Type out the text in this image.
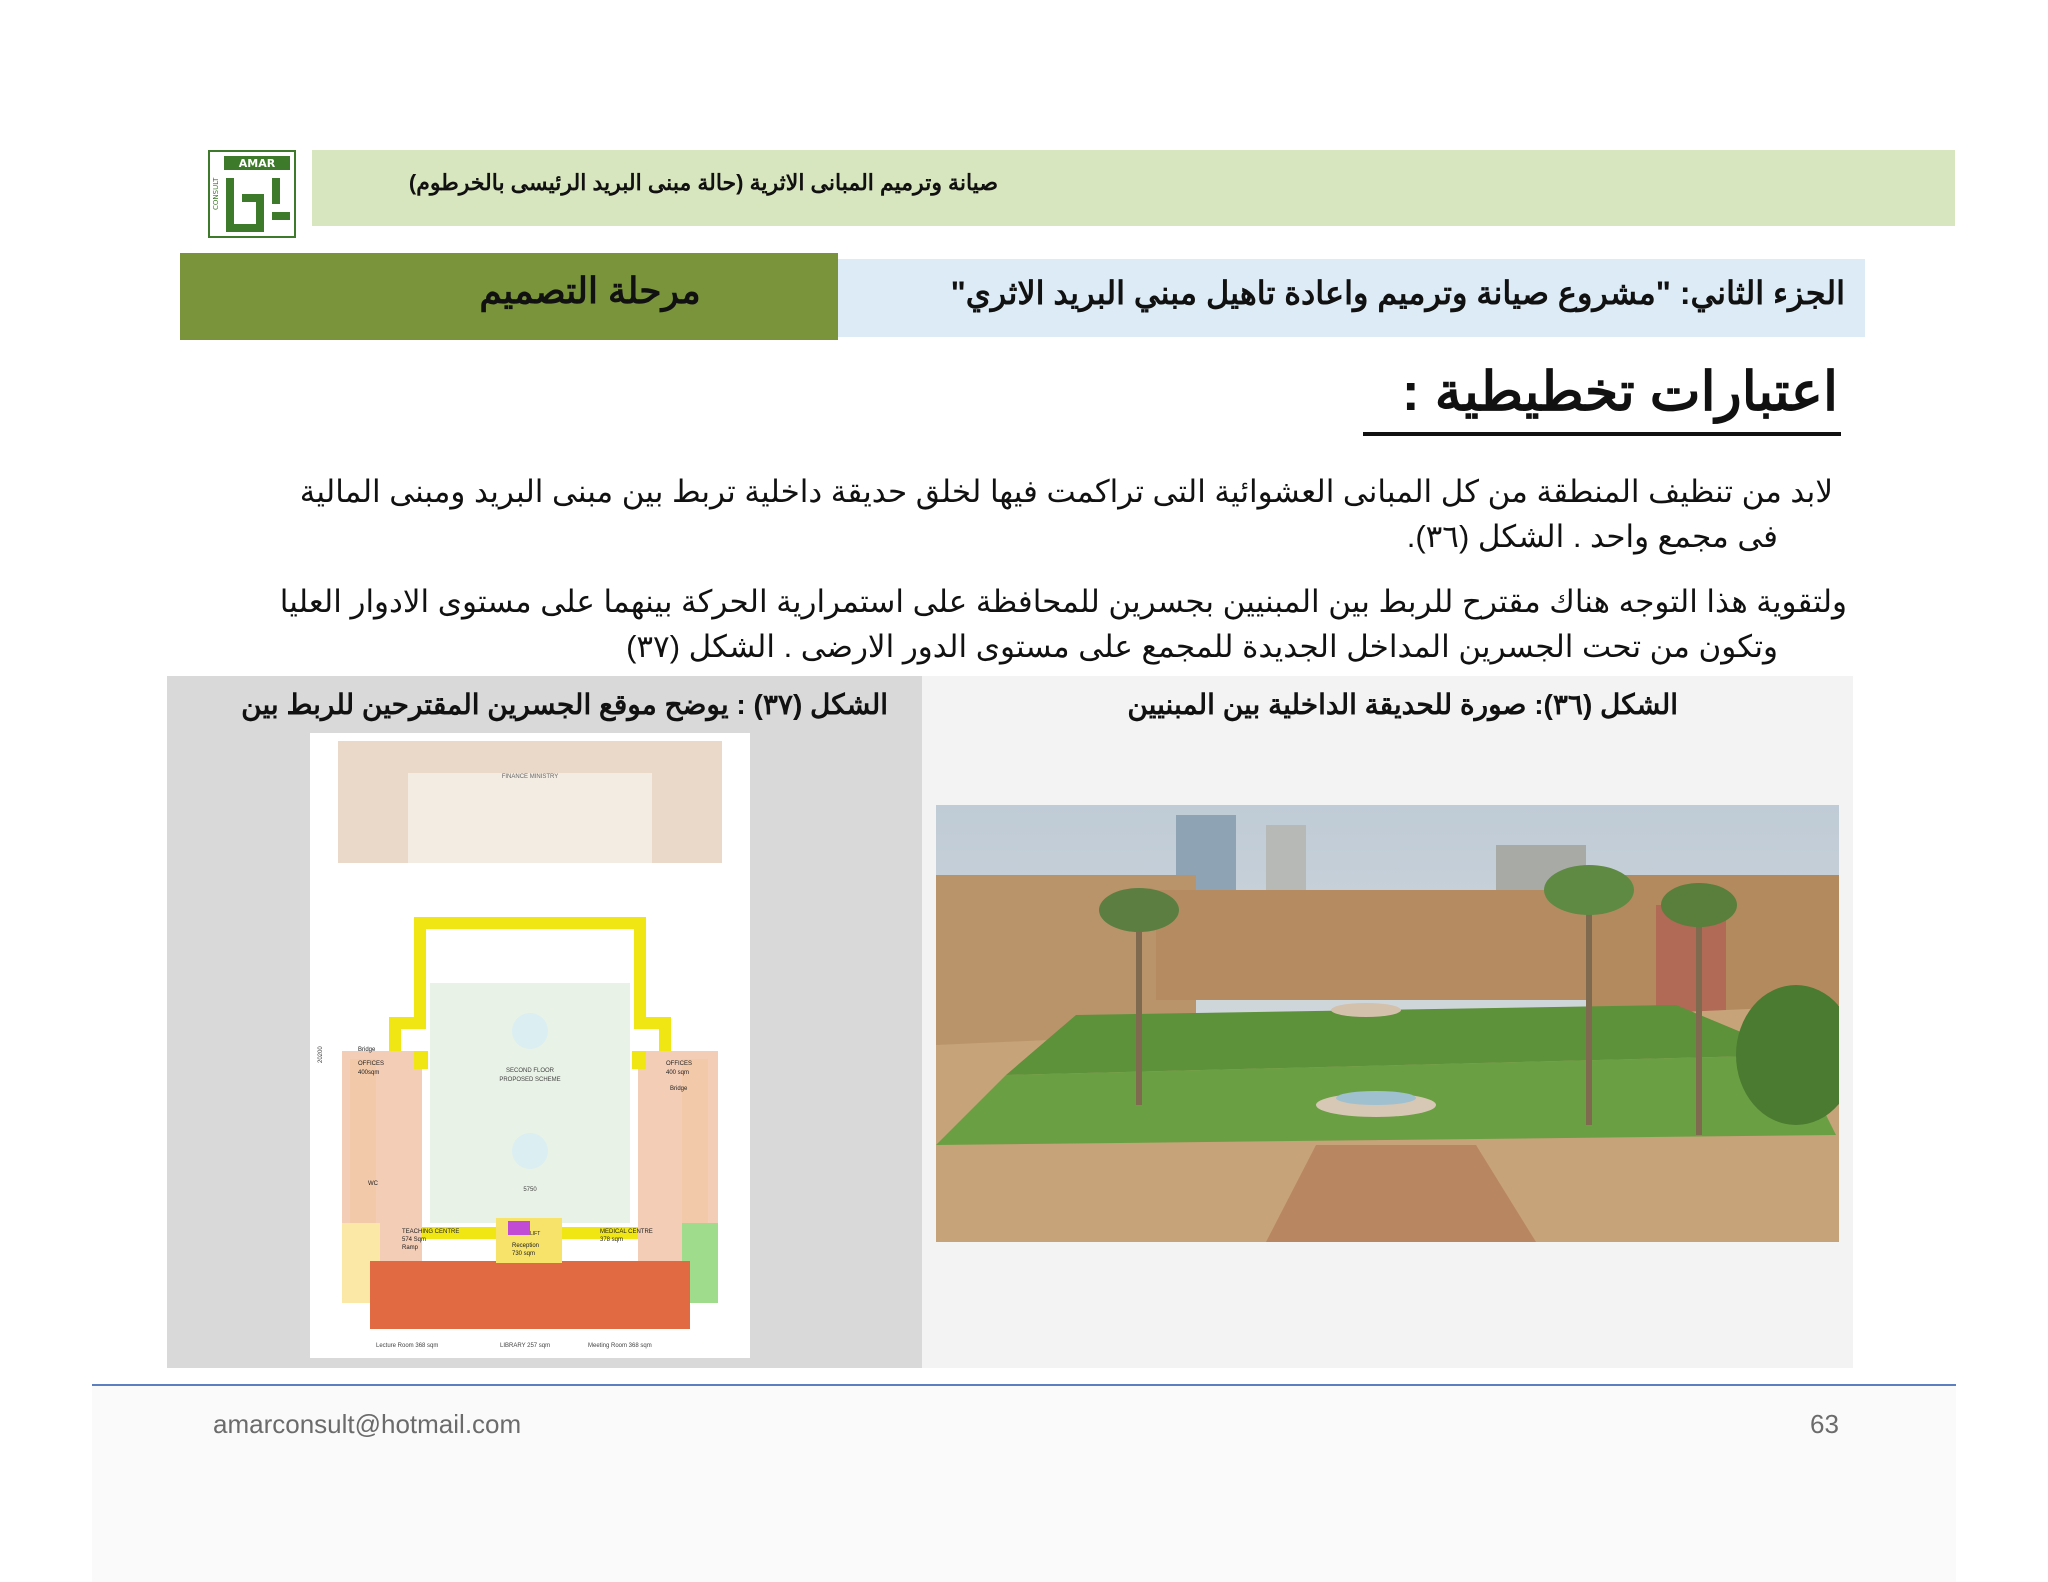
AMAR
CONSULT	صيانة وترميم المبانى الاثرية (حالة مبنى البريد الرئيسى بالخرطوم)
مرحلة التصميم	الجزء الثاني: "مشروع صيانة وترميم واعادة تاهيل مبني البريد الاثري"
اعتبارات تخطيطية :
لابد من تنظيف المنطقة من كل المبانى العشوائية التى تراكمت فيها لخلق حديقة داخلية تربط بين مبنى البريد ومبنى المالية
فى مجمع واحد . الشكل (٣٦).
ولتقوية هذا التوجه هناك مقترح للربط بين المبنيين بجسرين للمحافظة على استمرارية الحركة بينهما على مستوى الادوار العليا
وتكون من تحت الجسرين المداخل الجديدة للمجمع على مستوى الدور الارضى . الشكل (٣٧)
الشكل (٣٧) : يوضح موقع الجسرين المقترحين للربط بين	الشكل (٣٦): صورة للحديقة الداخلية بين المبنيين
FINANCE MINISTRY
LIFT
Bridge
OFFICES
400sqm
OFFICES
400 sqm
Bridge
SECOND FLOOR
PROPOSED SCHEME
5750
20200
TEACHING CENTRE
574 Sqm
Ramp
MEDICAL CENTRE
378 sqm
Reception
730 sqm
WC
Lecture Room 368 sqm	LIBRARY 257 sqm	Meeting Room 368 sqm
amarconsult@hotmail.com	63
